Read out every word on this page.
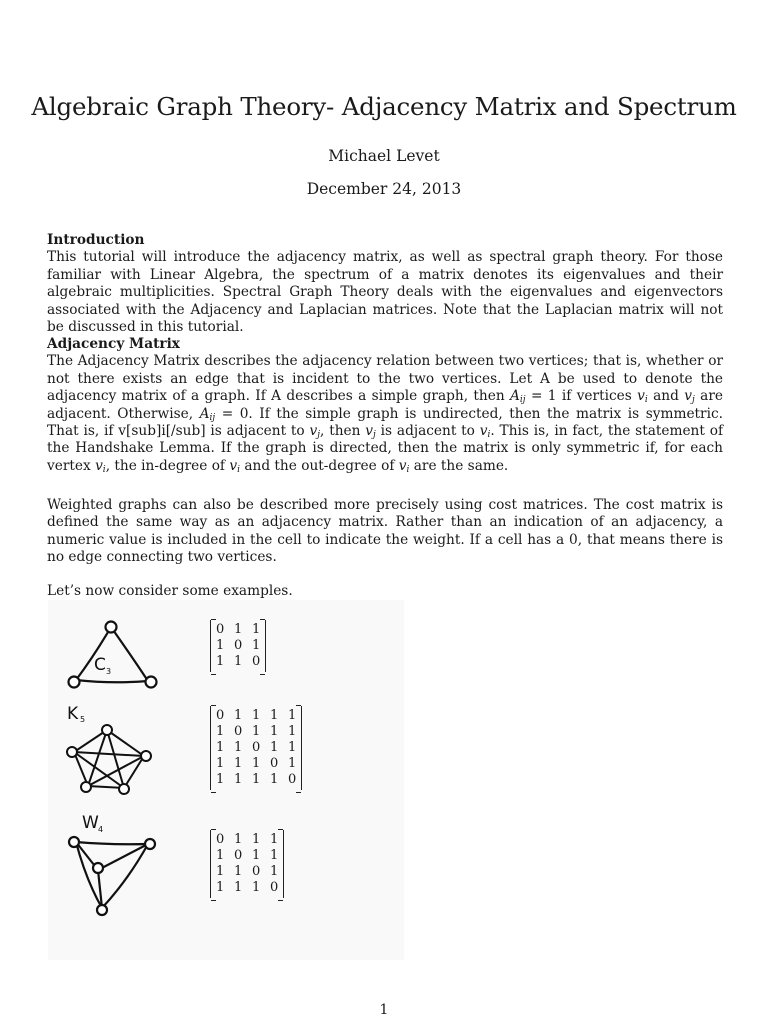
Algebraic Graph Theory- Adjacency Matrix and Spectrum
Michael Levet
December 24, 2013
Introduction

This tutorial will introduce the adjacency matrix, as well as spectral graph theory. For those familiar with Linear Algebra, the spectrum of a matrix denotes its eigenvalues and their algebraic multiplicities. Spectral Graph Theory deals with the eigenvalues and eigenvectors associated with the Adjacency and Laplacian matrices. Note that the Laplacian matrix will not be discussed in this tutorial.

Adjacency Matrix

The Adjacency Matrix describes the adjacency relation between two vertices; that is, whether or not there exists an edge that is incident to the two vertices. Let A be used to denote the adjacency matrix of a graph. If A describes a simple graph, then $A_{ij} = 1$ if vertices $v_i$ and $v_j$ are adjacent. Otherwise, $A_{ij} = 0$. If the simple graph is undirected, then the matrix is symmetric. That is, if v[sub]i[/sub] is adjacent to $v_j$, then $v_j$ is adjacent to $v_i$. This is, in fact, the statement of the Handshake Lemma. If the graph is directed, then the matrix is only symmetric if, for each vertex $v_i$, the in-degree of $v_i$ and the out-degree of $v_i$ are the same.

Weighted graphs can also be described more precisely using cost matrices. The cost matrix is defined the same way as an adjacency matrix. Rather than an indication of an adjacency, a numeric value is included in the cell to indicate the weight. If a cell has a 0, that means there is no edge connecting two vertices.

Let’s now consider some examples.

C 3
K 5
W 4
0 1 1
1 0 1
1 1 0
0 1 1 1 1
1 0 1 1 1
1 1 0 1 1
1 1 1 0 1
1 1 1 1 0
0 1 1 1
1 0 1 1
1 1 0 1
1 1 1 0
1
